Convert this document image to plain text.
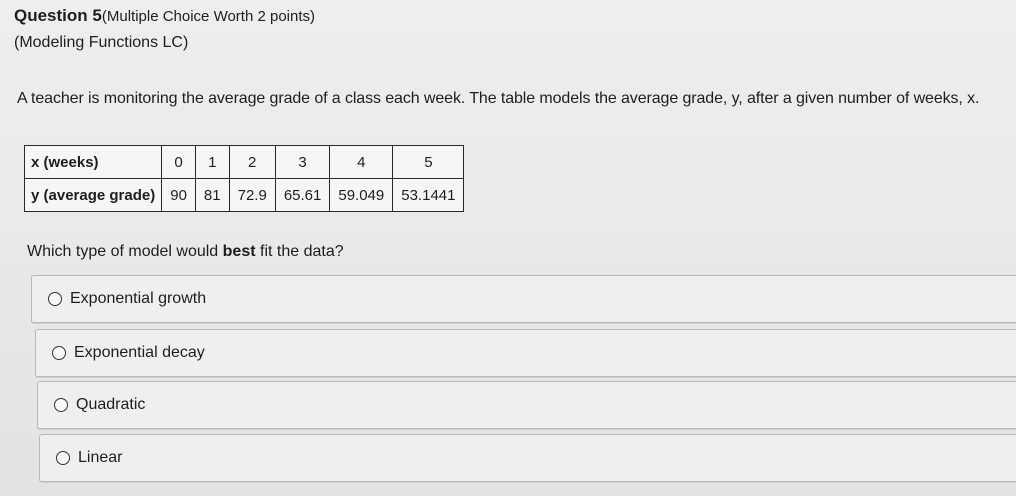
Question 5(Multiple Choice Worth 2 points)
(Modeling Functions LC)
A teacher is monitoring the average grade of a class each week. The table models the average grade, y, after a given number of weeks, x.
x (weeks)	0	1	2	3	4	5
y (average grade)	90	81	72.9	65.61	59.049	53.1441
Which type of model would best fit the data?
Exponential growth
Exponential decay
Quadratic
Linear
